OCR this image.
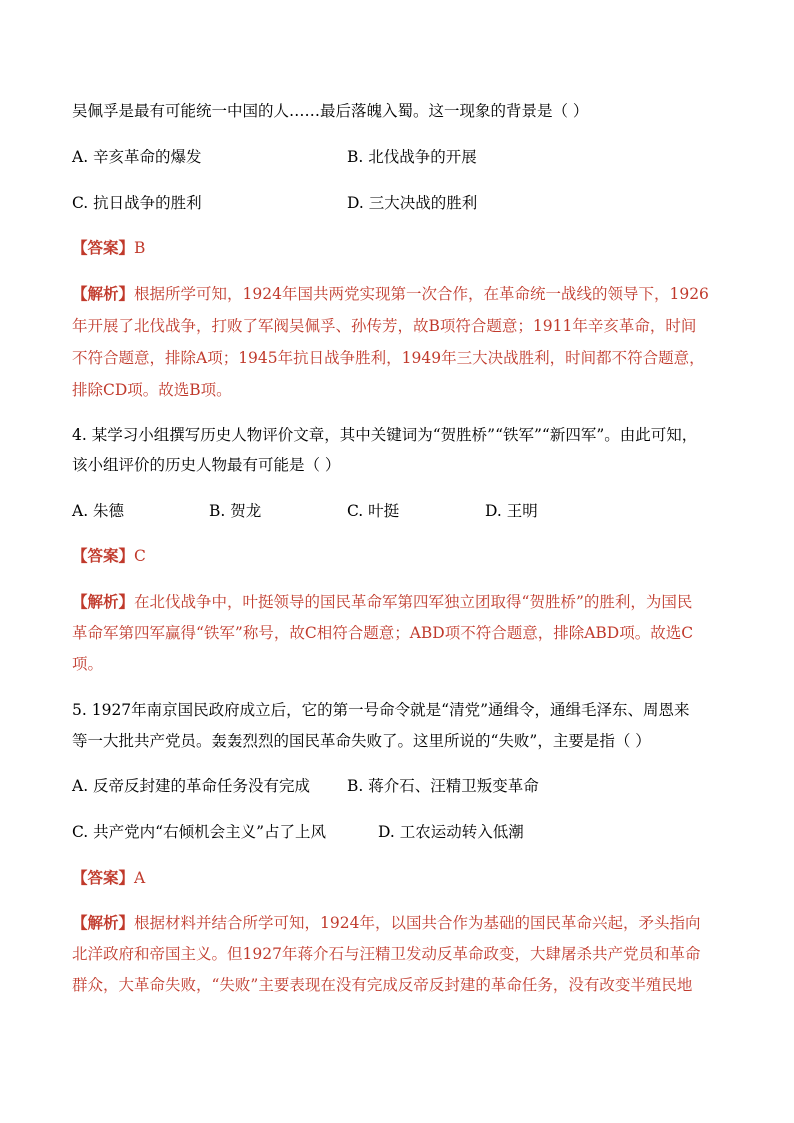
吴佩孚是最有可能统一中国的人……最后落魄入蜀。这一现象的背景是（ ）
A. 辛亥革命的爆发	B. 北伐战争的开展
C. 抗日战争的胜利	D. 三大决战的胜利
【答案】B
【解析】根据所学可知，1924年国共两党实现第一次合作，在革命统一战线的领导下，1926
年开展了北伐战争，打败了军阀吴佩孚、孙传芳，故B项符合题意；1911年辛亥革命，时间
不符合题意，排除A项；1945年抗日战争胜利，1949年三大决战胜利，时间都不符合题意，
排除CD项。故选B项。
4. 某学习小组撰写历史人物评价文章，其中关键词为“贺胜桥”“铁军”“新四军”。由此可知，
该小组评价的历史人物最有可能是（ ）
A. 朱德	B. 贺龙	C. 叶挺	D. 王明
【答案】C
【解析】在北伐战争中，叶挺领导的国民革命军第四军独立团取得“贺胜桥”的胜利，为国民
革命军第四军赢得“铁军”称号，故C相符合题意；ABD项不符合题意，排除ABD项。故选C
项。
5. 1927年南京国民政府成立后，它的第一号命令就是“清党”通缉令，通缉毛泽东、周恩来
等一大批共产党员。轰轰烈烈的国民革命失败了。这里所说的“失败”，主要是指（ ）
A. 反帝反封建的革命任务没有完成 B. 蒋介石、汪精卫叛变革命
C. 共产党内“右倾机会主义”占了上风	D. 工农运动转入低潮
【答案】A
【解析】根据材料并结合所学可知，1924年，以国共合作为基础的国民革命兴起，矛头指向
北洋政府和帝国主义。但1927年蒋介石与汪精卫发动反革命政变，大肆屠杀共产党员和革命
群众，大革命失败，“失败”主要表现在没有完成反帝反封建的革命任务，没有改变半殖民地
